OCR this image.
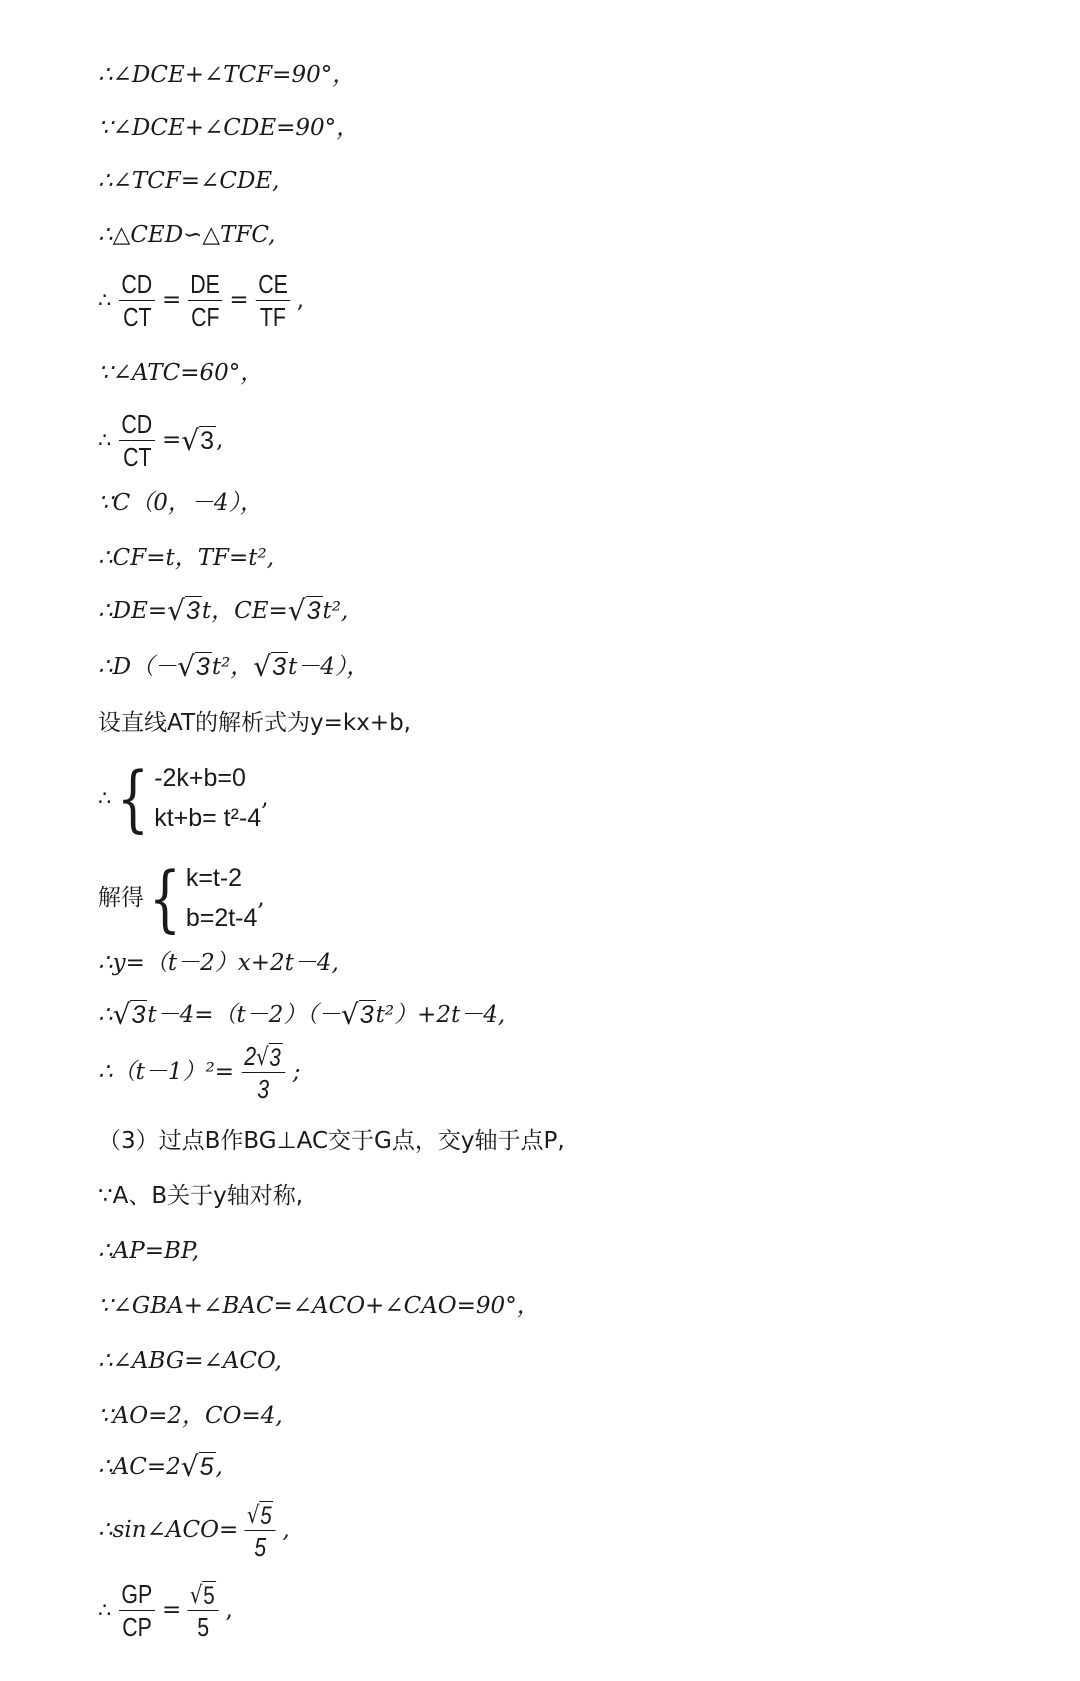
∴∠DCE+∠TCF=90°，
∵∠DCE+∠CDE=90°，
∴∠TCF=∠CDE,
∴△CED∽△TFC,
∴ $\frac{CD}{CT} = \frac{DE}{CF} = \frac{CE}{TF}$ ,
∵∠ATC=60°，
∴ $\frac{CD}{CT}$ = √ 3 ,
∵C（0，－4），
∴CF=t，TF=t²,
∴DE= √ 3 t，CE= √ 3 t²,
∴D（－ √ 3 t²， √ 3 t－4），
设直线AT的解析式为y=kx+b,
∴ { -2k+b=0
kt+b= t²-4
,
解得 { k=t-2
b=2t-4
,
∴y=（t－2）x+2t－4,
∴ √ 3 t－4=（t－2）（－ √ 3 t²）+2t－4,
∴（t－1）²= $\frac{2 √ 3}{3}$ ;
（3）过点B作BG⊥AC交于G点，交y轴于点P,
∵A、B关于y轴对称,
∴AP=BP,
∵∠GBA+∠BAC=∠ACO+∠CAO=90°，
∴∠ABG=∠ACO,
∵AO=2，CO=4,
∴AC=2 √ 5 ,
∴sin∠ACO= $\frac{√ 5}{5}$ ,
∴ $\frac{GP}{CP} = \frac{√ 5}{5}$ ,
